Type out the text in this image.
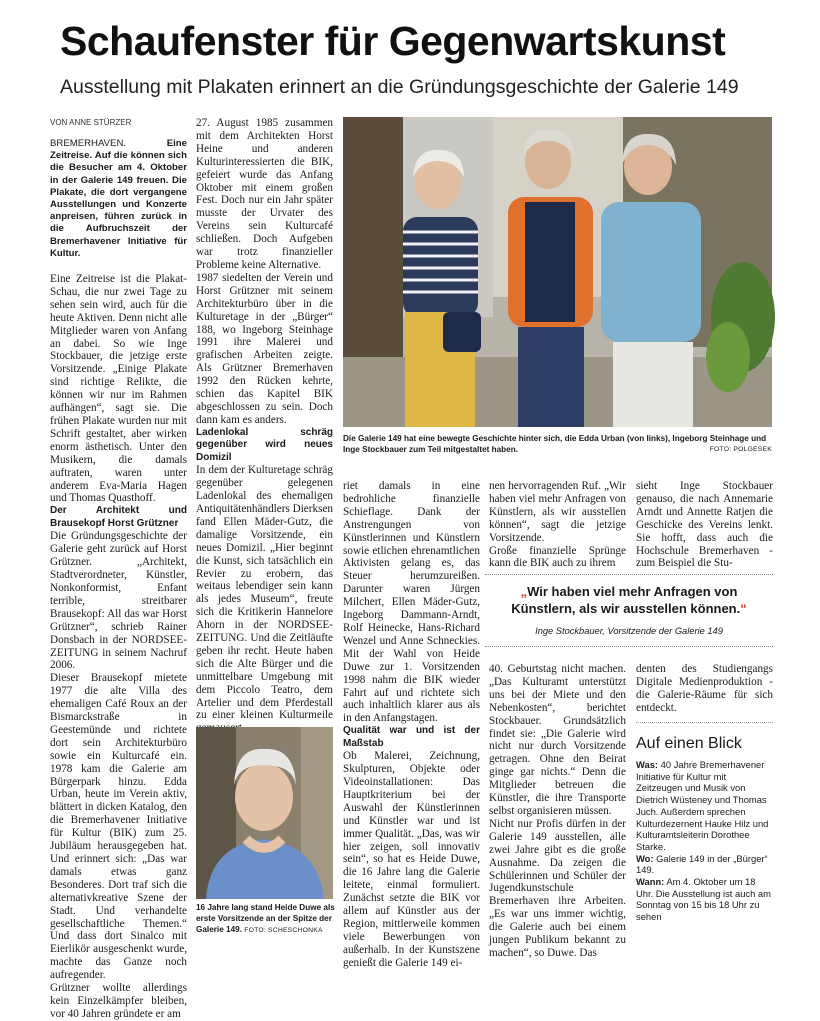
Schaufenster für Gegenwartskunst
Ausstellung mit Plakaten erinnert an die Gründungsgeschichte der Galerie 149
VON ANNE STÜRZER

BREMERHAVEN.	Eine Zeitreise. Auf die können sich die Besucher am 4. Oktober in der Galerie 149 freuen. Die Plakate, die dort vergangene Ausstellungen und Konzerte anpreisen, führen zurück in die Aufbruchszeit der Bremerhavener Initiative für Kultur.

Eine Zeitreise ist die Plakat-Schau, die nur zwei Tage zu sehen sein wird, auch für die heute Aktiven. Denn nicht alle Mitglieder waren von Anfang an dabei. So wie Inge Stockbauer, die jetzige erste Vorsitzende. „Einige Plakate sind richtige Relikte, die können wir nur im Rahmen aufhängen“, sagt sie. Die frühen Plakate wurden nur mit Schrift gestaltet, aber wirken enorm ästhetisch. Unter den Musikern, die damals auftraten, waren unter anderem Eva-Maria Hagen und Thomas Quasthoff.

Der Architekt und Brausekopf Horst Grützner

Die Gründungsgeschichte der Galerie geht zurück auf Horst Grützner. „Architekt, Stadtverordneter, Künstler, Nonkonformist, Enfant terrible, streitbarer Brausekopf: All das war Horst Grützner“, schrieb Rainer Donsbach in der NORDSEE-ZEITUNG in seinem Nachruf 2006.

Dieser Brausekopf mietete 1977 die alte Villa des ehemaligen Café Roux an der Bismarckstraße in Geestemünde und richtete dort sein Architekturbüro sowie ein Kulturcafé ein. 1978 kam die Galerie am Bürgerpark hinzu. Edda Urban, heute im Verein aktiv, blättert in dicken Katalog, den die Bremerhavener Initiative für Kultur (BIK) zum 25. Jubiläum herausgegeben hat. Und erinnert sich: „Das war damals etwas ganz Besonderes. Dort traf sich die alternativkreative Szene der Stadt. Und verhandelte gesellschaftliche Themen.“ Und dass dort Sinalco mit Eierlikör ausgeschenkt wurde, machte das Ganze noch aufregender.

Grützner wollte allerdings kein Einzelkämpfer bleiben, vor 40 Jahren gründete er am

27. August 1985 zusammen mit dem Architekten Horst Heine und anderen Kulturinteressierten die BIK, gefeiert wurde das Anfang Oktober mit einem großen Fest. Doch nur ein Jahr später musste der Urvater des Vereins sein Kulturcafé schließen. Doch Aufgeben war trotz finanzieller Probleme keine Alternative.

1987 siedelten der Verein und Horst Grützner mit seinem Architekturbüro über in die Kulturetage in der „Bürger“ 188, wo Ingeborg Steinhage 1991 ihre Malerei und grafischen Arbeiten zeigte. Als Grützner Bremerhaven 1992 den Rücken kehrte, schien das Kapitel BIK abgeschlossen zu sein. Doch dann kam es anders.

Ladenlokal schräg gegenüber wird neues Domizil

In dem der Kulturetage schräg gegenüber gelegenen Ladenlokal des ehemaligen Antiquitätenhändlers Dierksen fand Ellen Mäder-Gutz, die damalige Vorsitzende, ein neues Domizil. „Hier beginnt die Kunst, sich tatsächlich ein Revier zu erobern, das weitaus lebendiger sein kann als jedes Museum“, freute sich die Kritikerin Hannelore Ahorn in der NORDSEE-ZEITUNG. Und die Zeitläufte geben ihr recht. Heute haben sich die Alte Bürger und die unmittelbare Umgebung mit dem Piccolo Teatro, dem Artelier und dem Pferdestall zu einer kleinen Kulturmeile

16 Jahre lang stand Heide Duwe als erste Vorsitzende an der Spitze der Galerie 149. FOTO: SCHESCHONKA
Die Galerie 149 hat eine bewegte Geschichte hinter sich, die Edda Urban (von links), Ingeborg Steinhage und Inge Stockbauer zum Teil mitgestaltet haben.	FOTO: POLGESEK

riet damals in eine bedrohliche finanzielle Schieflage. Dank der Anstrengungen von Künstlerinnen und Künstlern sowie etlichen ehrenamtlichen Aktivisten gelang es, das Steuer herumzureißen. Darunter waren Jürgen Milchert, Ellen Mäder-Gutz, Ingeborg Dammann-Arndt, Rolf Heinecke, Hans-Richard Wenzel und Anne Schneckies. Mit der Wahl von Heide Duwe zur 1. Vorsitzenden 1998 nahm die BIK wieder Fahrt auf und richtete sich auch inhaltlich klarer aus als in den Anfangstagen.

Qualität war und ist der Maßstab

Ob Malerei, Zeichnung, Skulpturen, Objekte oder Videoinstallationen: Das Hauptkriterium bei der Auswahl der Künstlerinnen und Künstler war und ist immer Qualität. „Das, was wir hier zeigen, soll innovativ sein“, so hat es Heide Duwe, die 16 Jahre lang die Galerie leitete, einmal formuliert. Zunächst setzte die BIK vor allem auf Künstler aus der Region, mittlerweile kommen viele Bewerbungen von außerhalb. In der Kunstszene genießt die Galerie 149 ei-

nen hervorragenden Ruf. „Wir haben viel mehr Anfragen von Künstlern, als wir ausstellen können“, sagt die jetzige Vorsitzende.

Große finanzielle Sprünge kann die BIK auch zu ihrem

sieht Inge Stockbauer genauso, die nach Annemarie Arndt und Annette Ratjen die Geschicke des Vereins lenkt. Sie hofft, dass auch die Hochschule Bremerhaven - zum Beispiel die Stu-

„Wir haben viel mehr Anfragen von Künstlern, als wir ausstellen können.“
Inge Stockbauer, Vorsitzende der Galerie 149

40. Geburtstag nicht machen. „Das Kulturamt unterstützt uns bei der Miete und den Nebenkosten“, berichtet Stockbauer. Grundsätzlich findet sie: „Die Galerie wird nicht nur durch Vorsitzende getragen. Ohne den Beirat ginge gar nichts.“ Denn die Mitglieder betreuen die Künstler, die ihre Transporte selbst organisieren müssen.

Nicht nur Profis dürfen in der Galerie 149 ausstellen, alle zwei Jahre gibt es die große Ausnahme. Da zeigen die Schülerinnen und Schüler der Jugendkunstschule Bremerhaven ihre Arbeiten. „Es war uns immer wichtig, die Galerie auch bei einem jungen Publikum bekannt zu machen“, so Duwe. Das

denten des Studiengangs Digitale Medienproduktion - die Galerie-Räume für sich entdeckt.

Auf einen Blick

Was: 40 Jahre Bremerhavener Initiative für Kultur mit Zeitzeugen und Musik von Dietrich Wüsteney und Thomas Juch. Außerdem sprechen Kulturdezernent Hauke Hilz und Kulturamtsleiterin Dorothee Starke.

Wo: Galerie 149 in der „Bürger“ 149.

Wann: Am 4. Oktober um 18 Uhr. Die Ausstellung ist auch am Sonntag von 15 bis 18 Uhr zu sehen
